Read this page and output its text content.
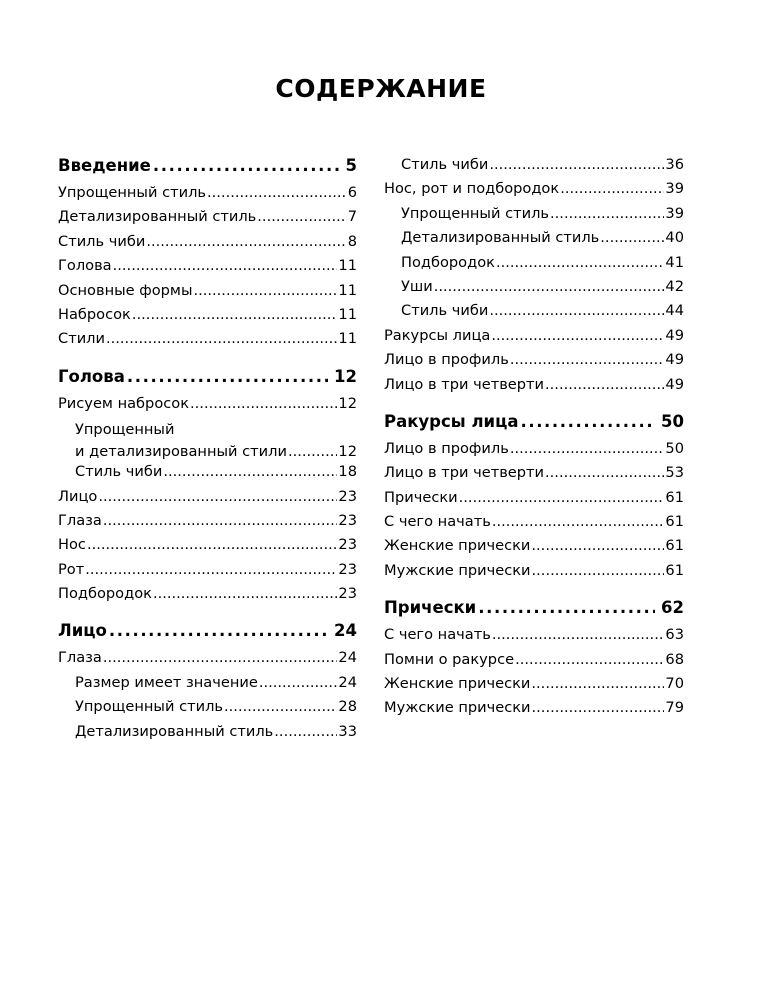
СОДЕРЖАНИЕ
Введение .....	5
Упрощенный стиль .....	6
Детализированный стиль .....	7
Стиль чиби .....	8
Голова .....	11
Основные формы .....	11
Набросок .....	11
Стили .....	11
Голова .....	12
Рисуем набросок .....	12
Упрощенный
и детализированный стили .....	12
Стиль чиби .....	18
Лицо .....	23
Глаза .....	23
Нос .....	23
Рот .....	23
Подбородок .....	23
Лицо .....	24
Глаза .....	24
Размер имеет значение .....	24
Упрощенный стиль .....	28
Детализированный стиль .....	33
Стиль чиби .....	36
Нос, рот и подбородок .....	39
Упрощенный стиль .....	39
Детализированный стиль .....	40
Подбородок .....	41
Уши .....	42
Стиль чиби .....	44
Ракурсы лица .....	49
Лицо в профиль .....	49
Лицо в три четверти .....	49
Ракурсы лица .....	50
Лицо в профиль .....	50
Лицо в три четверти .....	53
Прически .....	61
С чего начать .....	61
Женские прически .....	61
Мужские прически .....	61
Прически .....	62
С чего начать .....	63
Помни о ракурсе .....	68
Женские прически .....	70
Мужские прически .....	79
